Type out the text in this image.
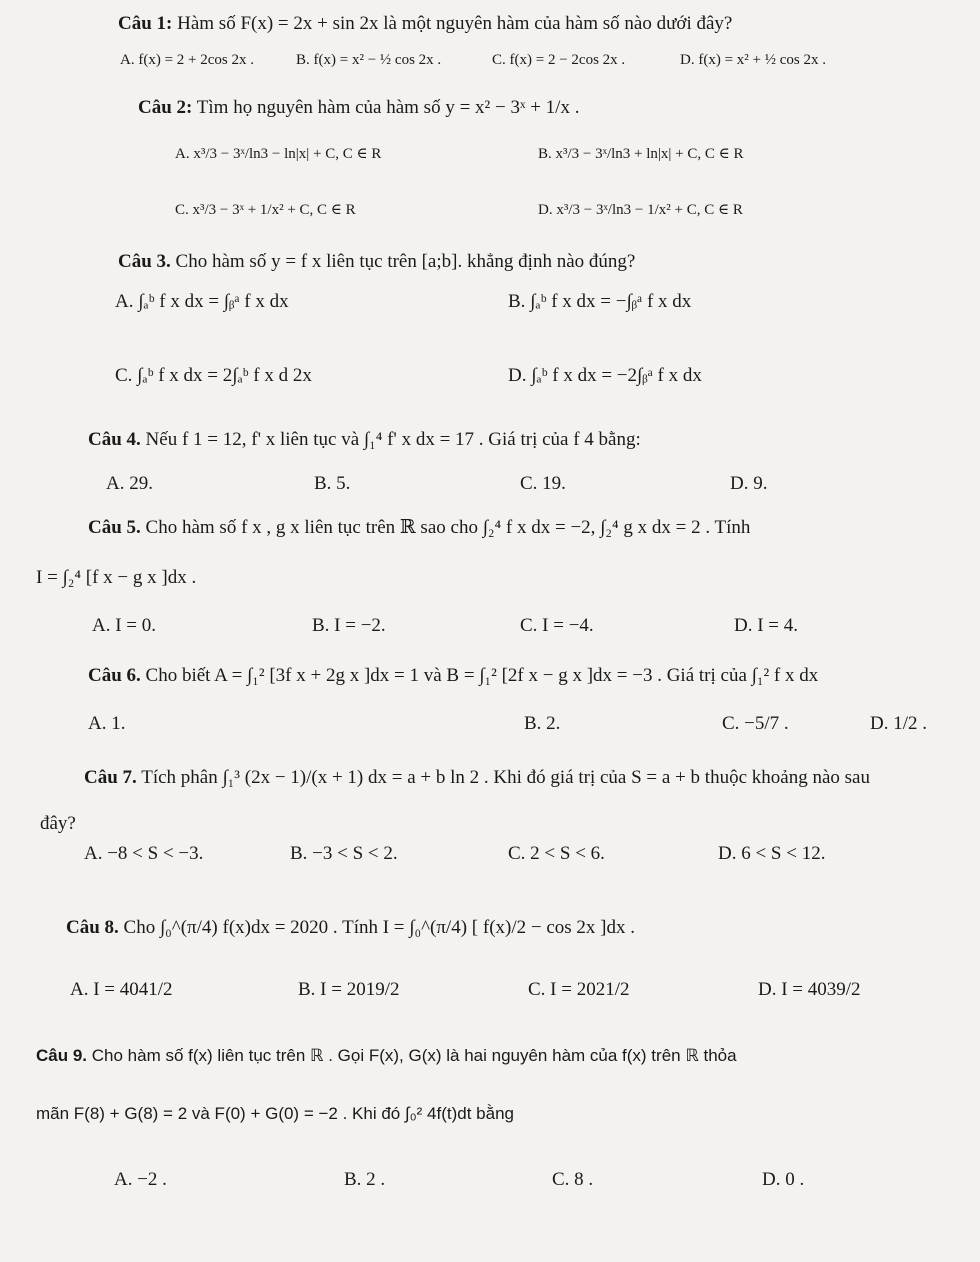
Câu 1: Hàm số F(x) = 2x + sin 2x là một nguyên hàm của hàm số nào dưới đây?
A. f(x) = 2 + 2cos 2x .	B. f(x) = x² − ½ cos 2x .	C. f(x) = 2 − 2cos 2x .	D. f(x) = x² + ½ cos 2x .
Câu 2: Tìm họ nguyên hàm của hàm số y = x² − 3ˣ + 1/x .
A. x³/3 − 3ˣ/ln3 − ln|x| + C, C ∈ R	B. x³/3 − 3ˣ/ln3 + ln|x| + C, C ∈ R
C. x³/3 − 3ˣ + 1/x² + C, C ∈ R	D. x³/3 − 3ˣ/ln3 − 1/x² + C, C ∈ R
Câu 3. Cho hàm số y = f x liên tục trên [a;b]. khẳng định nào đúng?
A. ∫ₐᵇ f x dx = ∫ᵦᵃ f x dx	B. ∫ₐᵇ f x dx = −∫ᵦᵃ f x dx
C. ∫ₐᵇ f x dx = 2∫ₐᵇ f x d 2x	D. ∫ₐᵇ f x dx = −2∫ᵦᵃ f x dx
Câu 4. Nếu f 1 = 12, f' x liên tục và ∫₁⁴ f' x dx = 17 . Giá trị của f 4 bằng:
A. 29.	B. 5.	C. 19.	D. 9.
Câu 5. Cho hàm số f x , g x liên tục trên ℝ sao cho ∫₂⁴ f x dx = −2, ∫₂⁴ g x dx = 2 . Tính
I = ∫₂⁴ [f x − g x ]dx .
A. I = 0.	B. I = −2.	C. I = −4.	D. I = 4.
Câu 6. Cho biết A = ∫₁² [3f x + 2g x ]dx = 1 và B = ∫₁² [2f x − g x ]dx = −3 . Giá trị của ∫₁² f x dx
A. 1.	B. 2.	C. −5/7 .	D. 1/2 .
Câu 7. Tích phân ∫₁³ (2x − 1)/(x + 1) dx = a + b ln 2 . Khi đó giá trị của S = a + b thuộc khoảng nào sau
đây?
A. −8 < S < −3.	B. −3 < S < 2.	C. 2 < S < 6.	D. 6 < S < 12.
Câu 8. Cho ∫₀^(π/4) f(x)dx = 2020 . Tính I = ∫₀^(π/4) [ f(x)/2 − cos 2x ]dx .
A. I = 4041/2	B. I = 2019/2	C. I = 2021/2	D. I = 4039/2
Câu 9. Cho hàm số f(x) liên tục trên ℝ . Gọi F(x), G(x) là hai nguyên hàm của f(x) trên ℝ thỏa
mãn F(8) + G(8) = 2 và F(0) + G(0) = −2 . Khi đó ∫₀² 4f(t)dt bằng
A. −2 .	B. 2 .	C. 8 .	D. 0 .
